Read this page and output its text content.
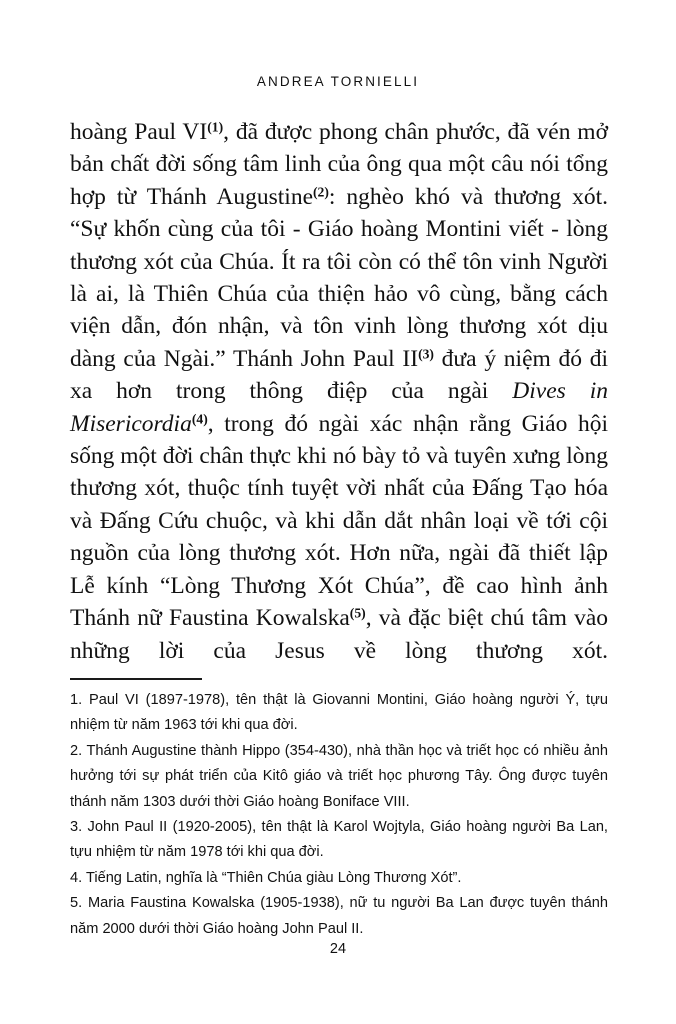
ANDREA TORNIELLI

hoàng Paul VI$^{(1)}$, đã được phong chân phước, đã vén mở bản chất đời sống tâm linh của ông qua một câu nói tổng hợp từ Thánh Augustine$^{(2)}$: nghèo khó và thương xót. “Sự khốn cùng của tôi - Giáo hoàng Montini viết - lòng thương xót của Chúa. Ít ra tôi còn có thể tôn vinh Người là ai, là Thiên Chúa của thiện hảo vô cùng, bằng cách viện dẫn, đón nhận, và tôn vinh lòng thương xót dịu dàng của Ngài.” Thánh John Paul II$^{(3)}$ đưa ý niệm đó đi xa hơn trong thông điệp của ngài Dives in Misericordia$^{(4)}$, trong đó ngài xác nhận rằng Giáo hội sống một đời chân thực khi nó bày tỏ và tuyên xưng lòng thương xót, thuộc tính tuyệt vời nhất của Đấng Tạo hóa và Đấng Cứu chuộc, và khi dẫn dắt nhân loại về tới cội nguồn của lòng thương xót. Hơn nữa, ngài đã thiết lập Lễ kính “Lòng Thương Xót Chúa”, đề cao hình ảnh Thánh nữ Faustina Kowalska$^{(5)}$, và đặc biệt chú tâm vào những lời của Jesus về lòng thương xót.

1. Paul VI (1897-1978), tên thật là Giovanni Montini, Giáo hoàng người Ý, tựu nhiệm từ năm 1963 tới khi qua đời.

2. Thánh Augustine thành Hippo (354-430), nhà thần học và triết học có nhiều ảnh hưởng tới sự phát triển của Kitô giáo và triết học phương Tây. Ông được tuyên thánh năm 1303 dưới thời Giáo hoàng Boniface VIII.

3. John Paul II (1920-2005), tên thật là Karol Wojtyla, Giáo hoàng người Ba Lan, tựu nhiệm từ năm 1978 tới khi qua đời.

4. Tiếng Latin, nghĩa là “Thiên Chúa giàu Lòng Thương Xót”.

5. Maria Faustina Kowalska (1905-1938), nữ tu người Ba Lan được tuyên thánh năm 2000 dưới thời Giáo hoàng John Paul II.

24
